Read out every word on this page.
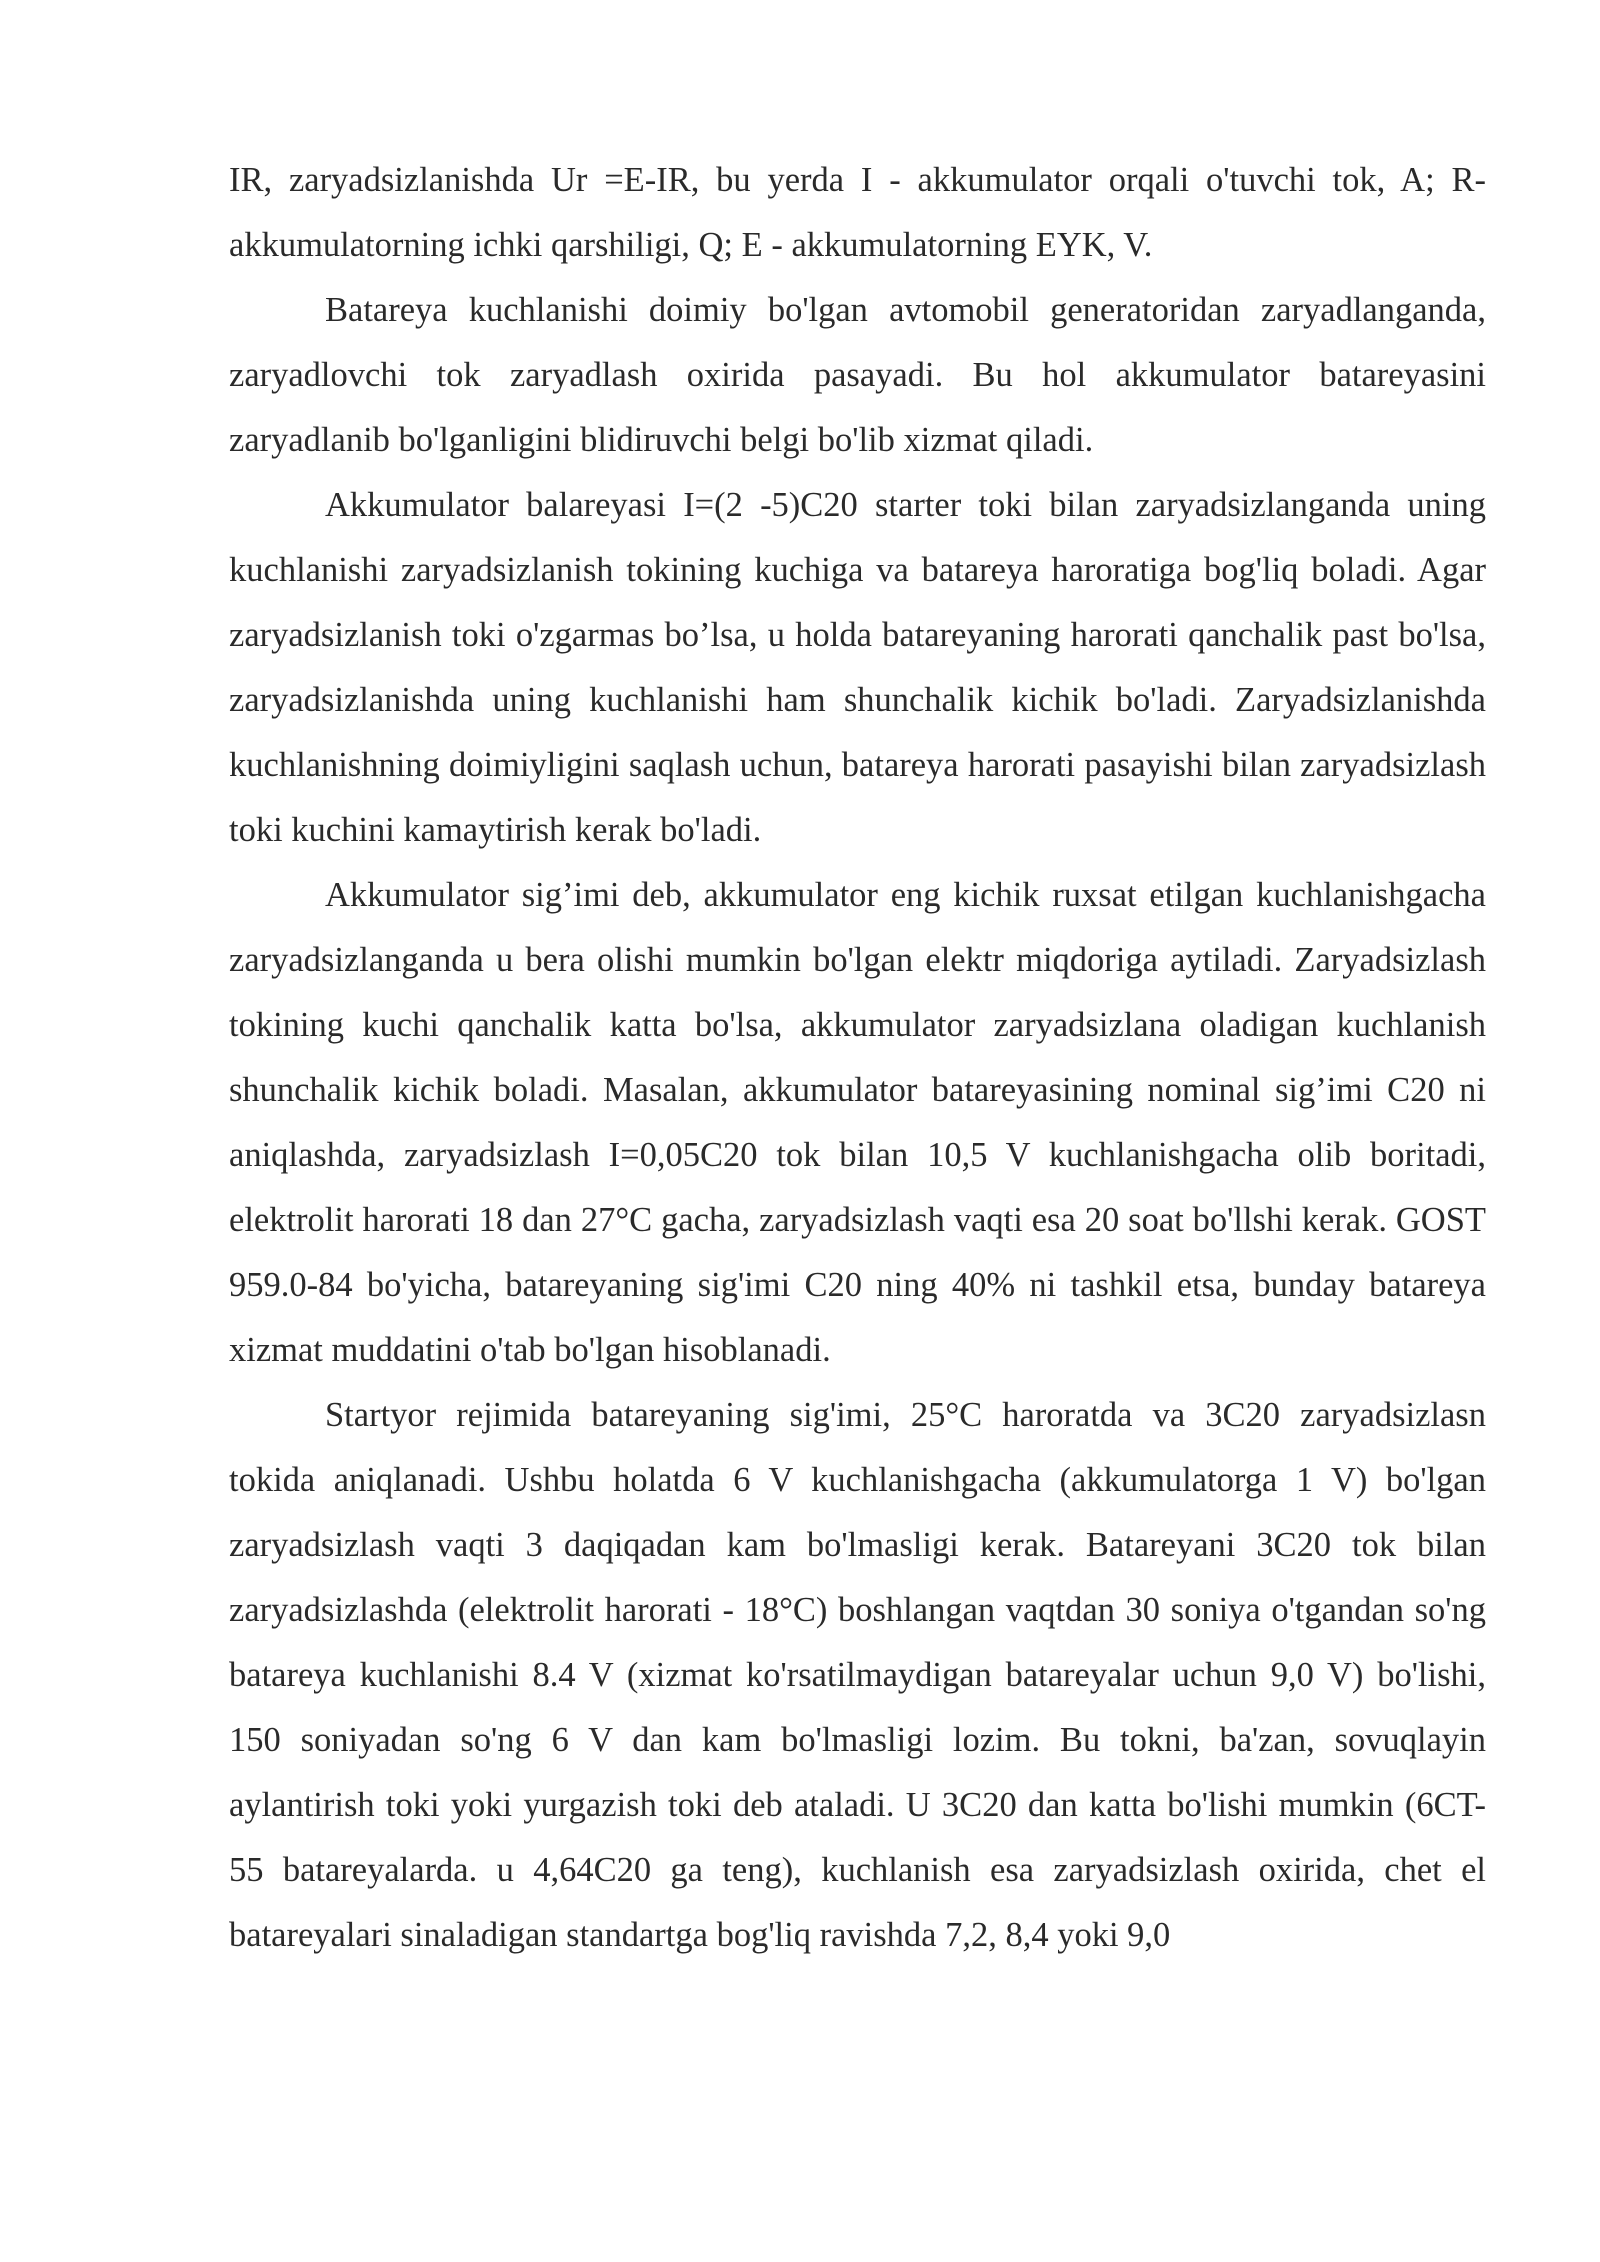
IR, zaryadsizlanishda Ur =E-IR, bu yerda I - akkumulator orqali o'tuvchi tok, A; R-akkumulatorning ichki qarshiligi, Q; E - akkumulatorning EYK, V.

Batareya kuchlanishi doimiy bo'lgan avtomobil generatoridan zaryadlanganda, zaryadlovchi tok zaryadlash oxirida pasayadi. Bu hol akkumulator batareyasini zaryadlanib bo'lganligini blidiruvchi belgi bo'lib xizmat qiladi.

Akkumulator balareyasi I=(2 -5)C20 starter toki bilan zaryadsizlanganda uning kuchlanishi zaryadsizlanish tokining kuchiga va batareya haroratiga bog'liq boladi. Agar zaryadsizlanish toki o'zgarmas bo’lsa, u holda batareyaning harorati qanchalik past bo'lsa, zaryadsizlanishda uning kuchlanishi ham shunchalik kichik bo'ladi. Zaryadsizlanishda kuchlanishning doimiyligini saqlash uchun, batareya harorati pasayishi bilan zaryadsizlash toki kuchini kamaytirish kerak bo'ladi.

Akkumulator sig’imi deb, akkumulator eng kichik ruxsat etilgan kuchlanishgacha zaryadsizlanganda u bera olishi mumkin bo'lgan elektr miqdoriga aytiladi. Zaryadsizlash tokining kuchi qanchalik katta bo'lsa, akkumulator zaryadsizlana oladigan kuchlanish shunchalik kichik boladi. Masalan, akkumulator batareyasining nominal sig’imi C20 ni aniqlashda, zaryadsizlash I=0,05C20 tok bilan 10,5 V kuchlanishgacha olib boritadi, elektrolit harorati 18 dan 27°C gacha, zaryadsizlash vaqti esa 20 soat bo'llshi kerak. GOST 959.0-84 bo'yicha, batareyaning sig'imi C20 ning 40% ni tashkil etsa, bunday batareya xizmat muddatini o'tab bo'lgan hisoblanadi.

Startyor rejimida batareyaning sig'imi, 25°C haroratda va 3C20 zaryadsizlasn tokida aniqlanadi. Ushbu holatda 6 V kuchlanishgacha (akkumulatorga 1 V) bo'lgan zaryadsizlash vaqti 3 daqiqadan kam bo'lmasligi kerak. Batareyani 3C20 tok bilan zaryadsizlashda (elektrolit harorati - 18°C) boshlangan vaqtdan 30 soniya o'tgandan so'ng batareya kuchlanishi 8.4 V (xizmat ko'rsatilmaydigan batareyalar uchun 9,0 V) bo'lishi, 150 soniyadan so'ng 6 V dan kam bo'lmasligi lozim. Bu tokni, ba'zan, sovuqlayin aylantirish toki yoki yurgazish toki deb ataladi. U 3C20 dan katta bo'lishi mumkin (6CT-55 batareyalarda. u 4,64C20 ga teng), kuchlanish esa zaryadsizlash oxirida, chet el batareyalari sinaladigan standartga bog'liq ravishda 7,2, 8,4 yoki 9,0
